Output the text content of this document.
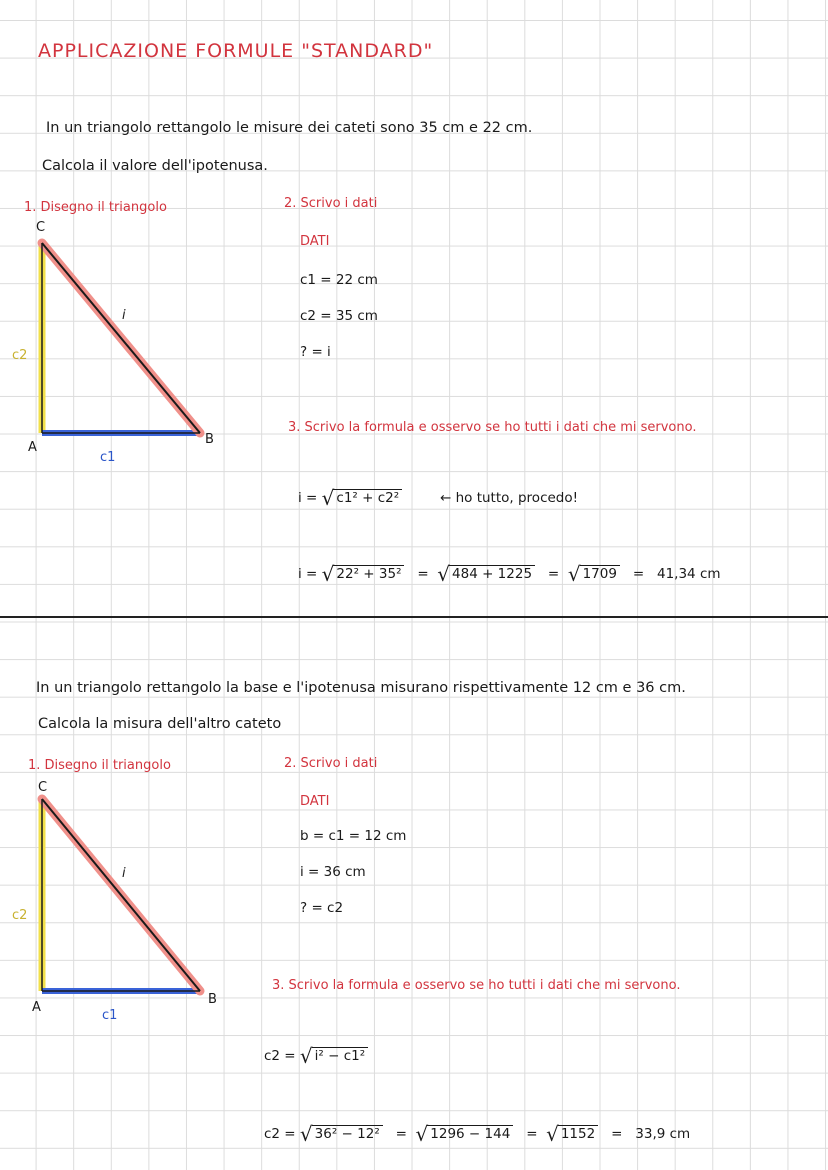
APPLICAZIONE FORMULE "STANDARD"
In un triangolo rettangolo le misure dei cateti sono 35 cm e 22 cm.
Calcola il valore dell'ipotenusa.
1. Disegno il triangolo
C
A
B
i
c1
c2
2. Scrivo i dati
DATI
c1 = 22 cm
c2 = 35 cm
? = i
3. Scrivo la formula e osservo se ho tutti i dati che mi servono.
i = √ c1² + c2²	← ho tutto, procedo!
i = √ 22² + 35² = √ 484 + 1225 = √ 1709 = 41,34 cm
In un triangolo rettangolo la base e l'ipotenusa misurano rispettivamente 12 cm e 36 cm.
Calcola la misura dell'altro cateto
1. Disegno il triangolo
C
A
B
i
c1
c2
2. Scrivo i dati
DATI
b = c1 = 12 cm
i = 36 cm
? = c2
3. Scrivo la formula e osservo se ho tutti i dati che mi servono.
c2 = √ i² − c1²
c2 = √ 36² − 12² = √ 1296 − 144 = √ 1152 = 33,9 cm
